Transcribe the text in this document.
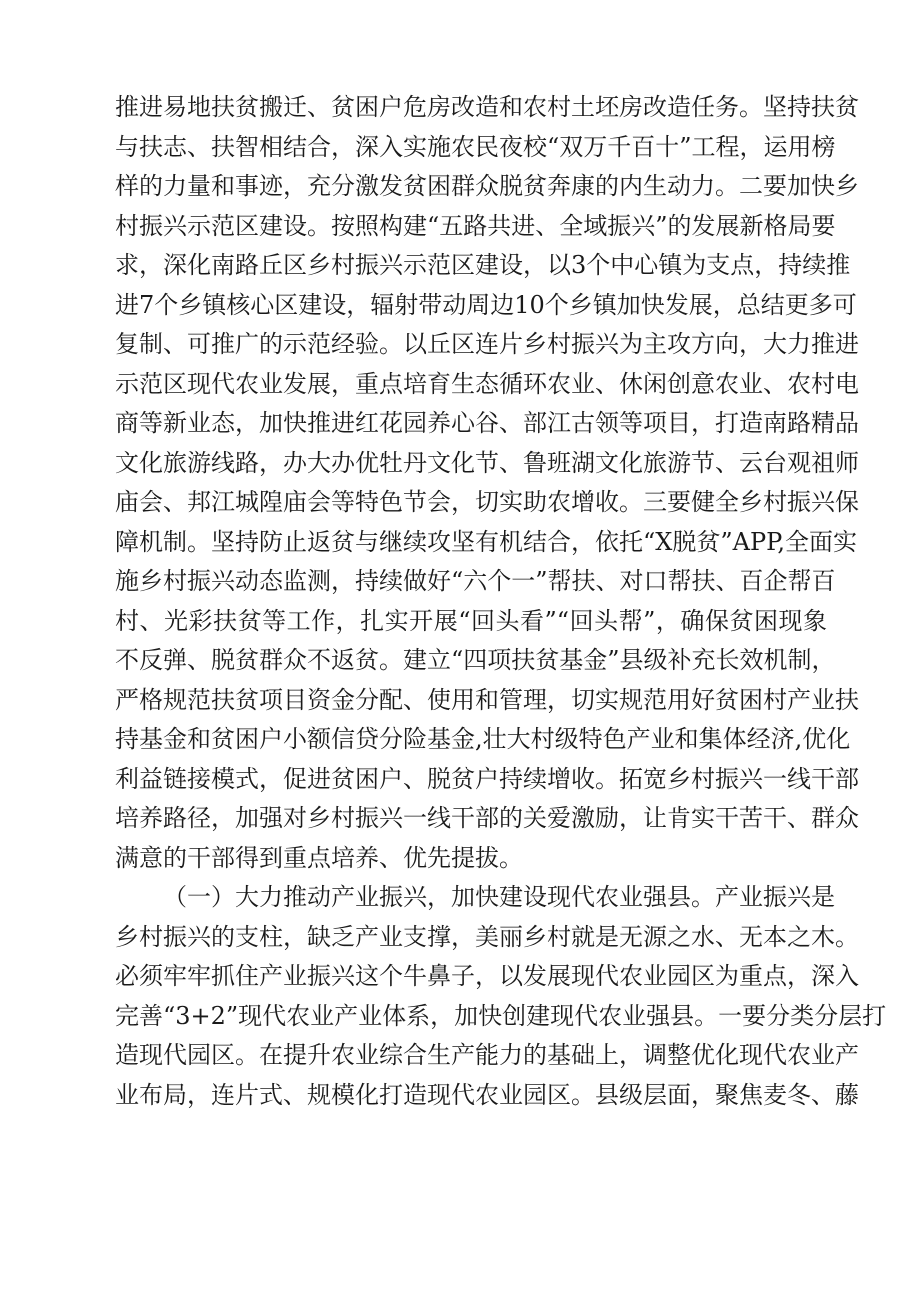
推进易地扶贫搬迁、贫困户危房改造和农村土坯房改造任务。坚持扶贫
与扶志、扶智相结合，深入实施农民夜校“双万千百十”工程，运用榜
样的力量和事迹，充分激发贫困群众脱贫奔康的内生动力。二要加快乡
村振兴示范区建设。按照构建“五路共进、全域振兴”的发展新格局要
求，深化南路丘区乡村振兴示范区建设，以3个中心镇为支点，持续推
进7个乡镇核心区建设，辐射带动周边10个乡镇加快发展，总结更多可
复制、可推广的示范经验。以丘区连片乡村振兴为主攻方向，大力推进
示范区现代农业发展，重点培育生态循环农业、休闲创意农业、农村电
商等新业态，加快推进红花园养心谷、部江古领等项目，打造南路精品
文化旅游线路，办大办优牡丹文化节、鲁班湖文化旅游节、云台观祖师
庙会、邦江城隍庙会等特色节会，切实助农增收。三要健全乡村振兴保
障机制。坚持防止返贫与继续攻坚有机结合，依托“X脱贫”APP,全面实
施乡村振兴动态监测，持续做好“六个一”帮扶、对口帮扶、百企帮百
村、光彩扶贫等工作，扎实开展“回头看”“回头帮”，确保贫困现象
不反弹、脱贫群众不返贫。建立“四项扶贫基金”县级补充长效机制，
严格规范扶贫项目资金分配、使用和管理，切实规范用好贫困村产业扶
持基金和贫困户小额信贷分险基金,壮大村级特色产业和集体经济,优化
利益链接模式，促进贫困户、脱贫户持续增收。拓宽乡村振兴一线干部
培养路径，加强对乡村振兴一线干部的关爱激励，让肯实干苦干、群众
满意的干部得到重点培养、优先提拔。
（一）大力推动产业振兴，加快建设现代农业强县。产业振兴是
乡村振兴的支柱，缺乏产业支撑，美丽乡村就是无源之水、无本之木。
必须牢牢抓住产业振兴这个牛鼻子，以发展现代农业园区为重点，深入
完善“3+2”现代农业产业体系，加快创建现代农业强县。一要分类分层打
造现代园区。在提升农业综合生产能力的基础上，调整优化现代农业产
业布局，连片式、规模化打造现代农业园区。县级层面，聚焦麦冬、藤
